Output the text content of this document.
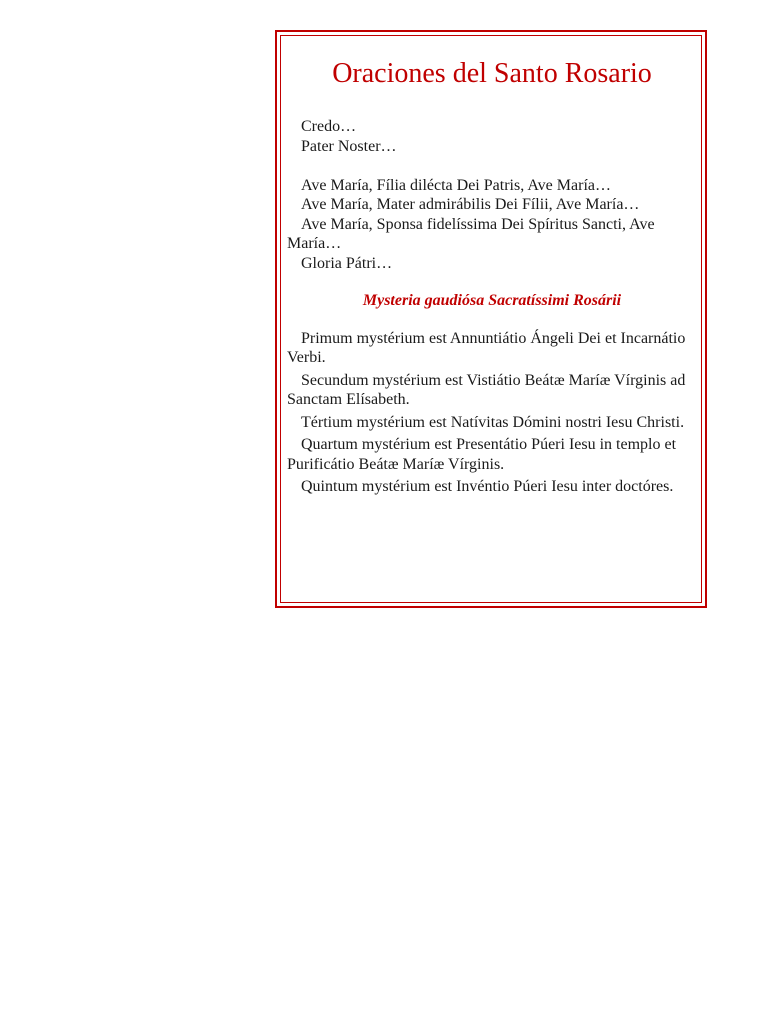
Oraciones del Santo Rosario

Credo…

Pater Noster…

Ave María, Fília dilécta Dei Patris, Ave María…

Ave María, Mater admirábilis Dei Fílii, Ave María…

Ave María, Sponsa fidelíssima Dei Spíritus Sancti, Ave María…

Gloria Pátri…

Mysteria gaudiósa Sacratíssimi Rosárii

Primum mystérium est Annuntiátio Ángeli Dei et Incarnátio Verbi.

Secundum mystérium est Vistiátio Beátæ Maríæ Vírginis ad Sanctam Elísabeth.

Tértium mystérium est Natívitas Dómini nostri Iesu Christi.

Quartum mystérium est Presentátio Púeri Iesu in templo et Purificátio Beátæ Maríæ Vírginis.

Quintum mystérium est Invéntio Púeri Iesu inter doctóres.
